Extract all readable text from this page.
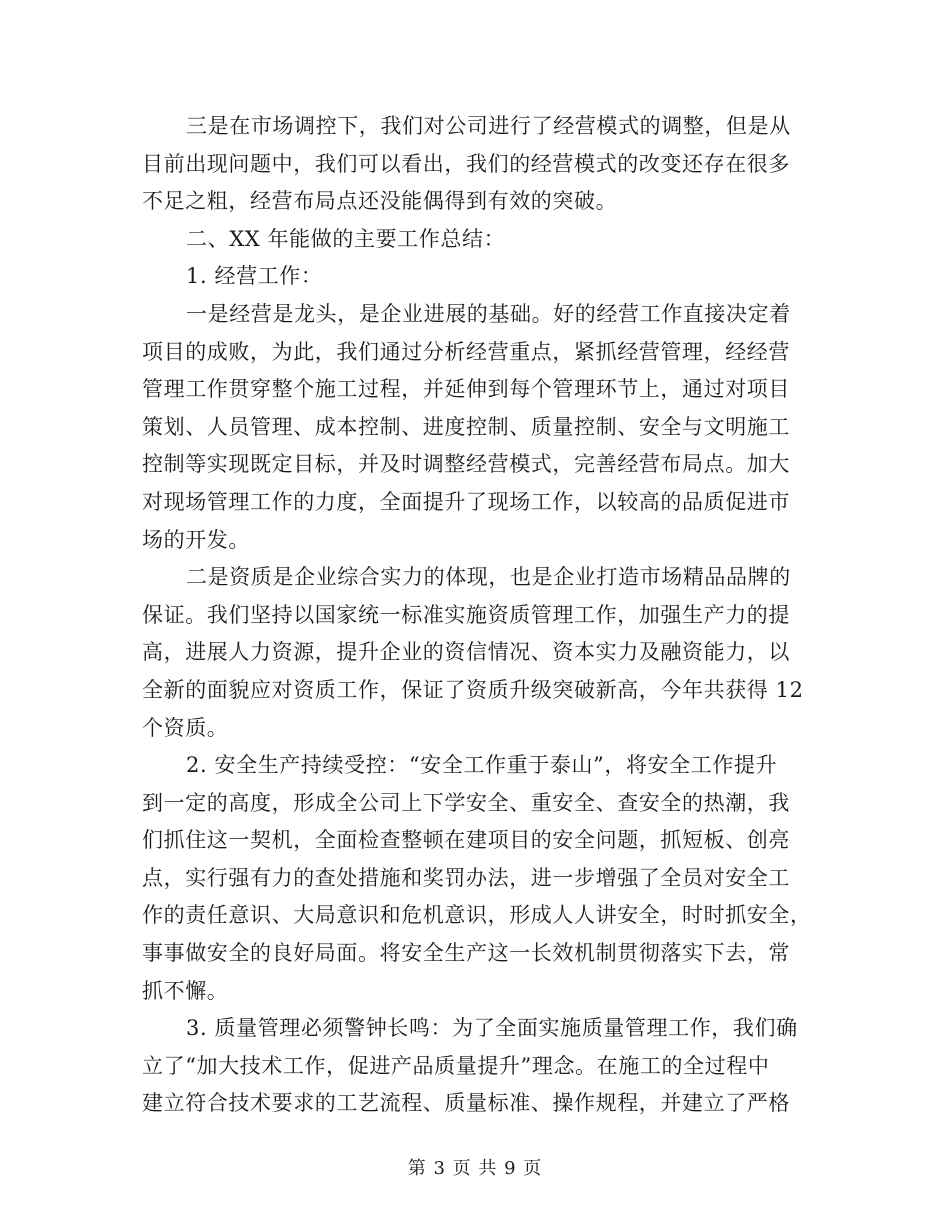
三是在市场调控下，我们对公司进行了经营模式的调整，但是从
目前出现问题中，我们可以看出，我们的经营模式的改变还存在很多
不足之粗，经营布局点还没能偶得到有效的突破。
二、XX 年能做的主要工作总结：
1. 经营工作：
一是经营是龙头，是企业进展的基础。好的经营工作直接决定着
项目的成败，为此，我们通过分析经营重点，紧抓经营管理，经经营
管理工作贯穿整个施工过程，并延伸到每个管理环节上，通过对项目
策划、人员管理、成本控制、进度控制、质量控制、安全与文明施工
控制等实现既定目标，并及时调整经营模式，完善经营布局点。加大
对现场管理工作的力度，全面提升了现场工作，以较高的品质促进市
场的开发。
二是资质是企业综合实力的体现，也是企业打造市场精品品牌的
保证。我们坚持以国家统一标准实施资质管理工作，加强生产力的提
高，进展人力资源，提升企业的资信情况、资本实力及融资能力，以
全新的面貌应对资质工作，保证了资质升级突破新高，今年共获得 12
个资质。
2. 安全生产持续受控：“安全工作重于泰山”，将安全工作提升
到一定的高度，形成全公司上下学安全、重安全、查安全的热潮，我
们抓住这一契机，全面检查整顿在建项目的安全问题，抓短板、创亮
点，实行强有力的查处措施和奖罚办法，进一步增强了全员对安全工
作的责任意识、大局意识和危机意识，形成人人讲安全，时时抓安全，
事事做安全的良好局面。将安全生产这一长效机制贯彻落实下去，常
抓不懈。
3. 质量管理必须警钟长鸣：为了全面实施质量管理工作，我们确
立了“加大技术工作，促进产品质量提升”理念。在施工的全过程中
建立符合技术要求的工艺流程、质量标准、操作规程，并建立了严格
第 3 页 共 9 页
